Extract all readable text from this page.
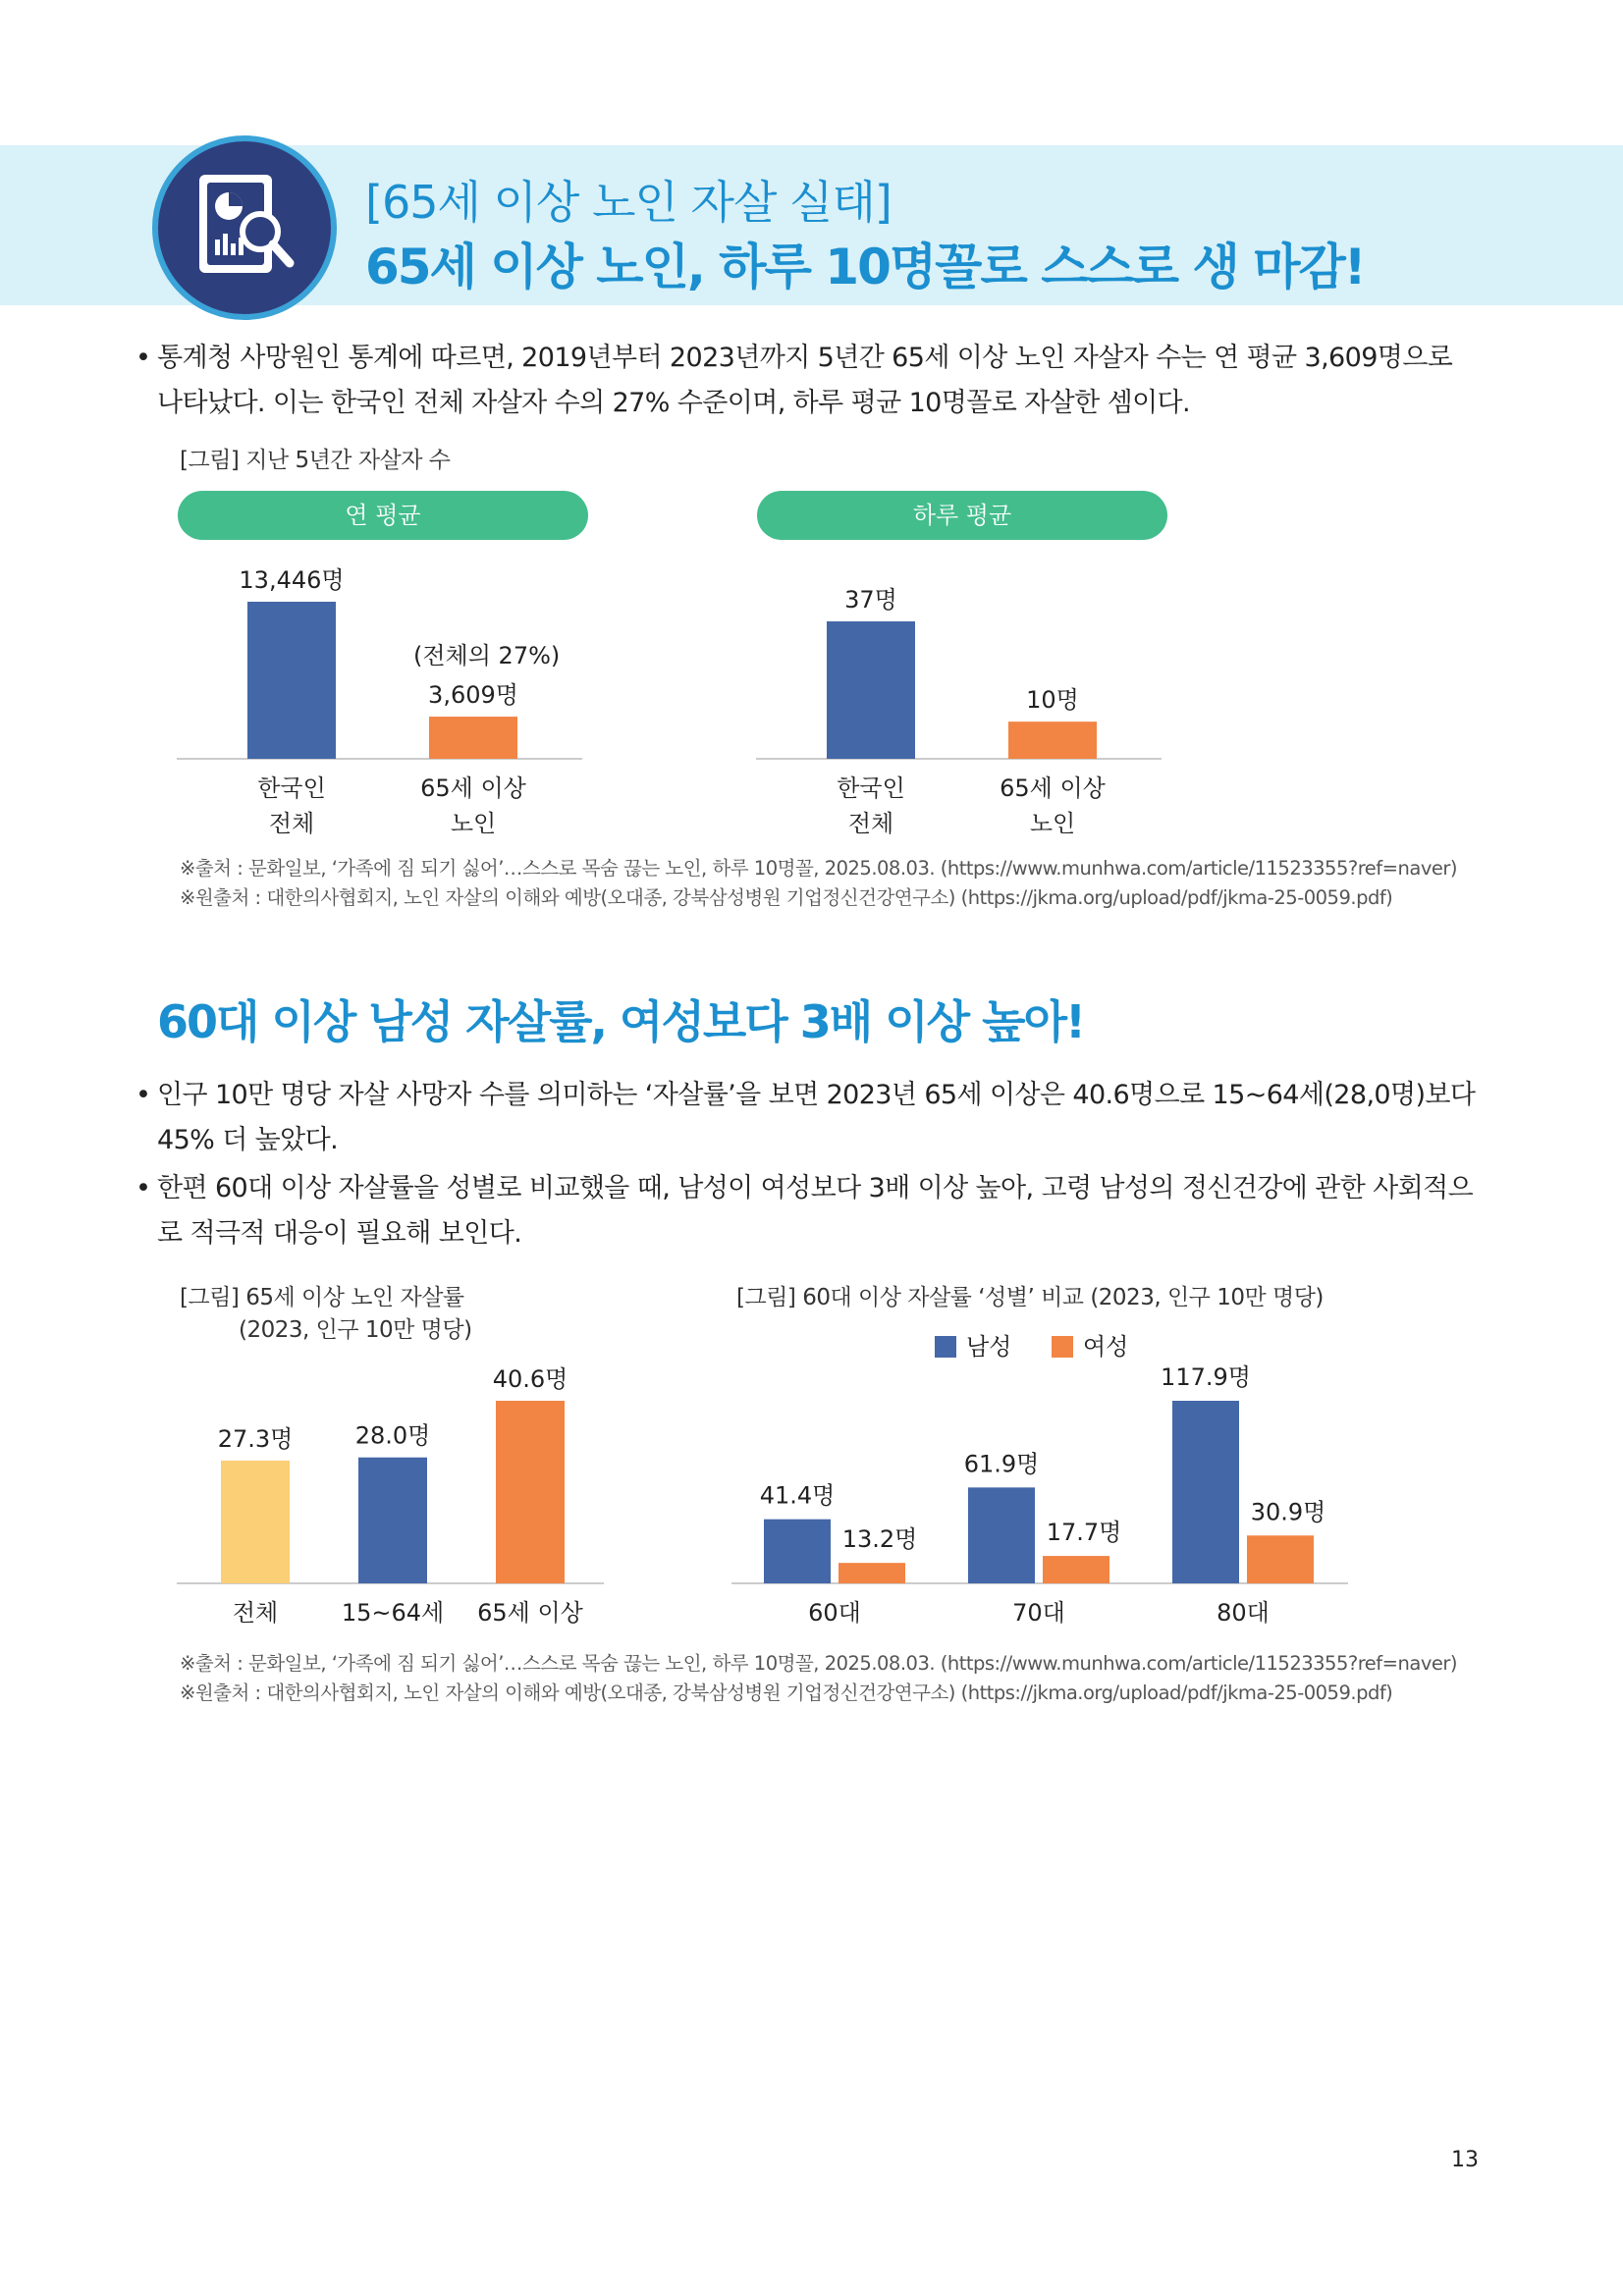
[65세 이상 노인 자살 실태]
65세 이상 노인, 하루 10명꼴로 스스로 생 마감!
• 통계청 사망원인 통계에 따르면, 2019년부터 2023년까지 5년간 65세 이상 노인 자살자 수는 연 평균 3,609명으로 나타났다. 이는 한국인 전체 자살자 수의 27% 수준이며, 하루 평균 10명꼴로 자살한 셈이다.
[그림] 지난 5년간 자살자 수
연 평균	하루 평균
13,446명
한국인
전체
3,609명
65세 이상
노인
37명
한국인
전체
10명
65세 이상
노인
(전체의 27%)
※출처 : 문화일보, ‘가족에 짐 되기 싫어’…스스로 목숨 끊는 노인, 하루 10명꼴, 2025.08.03. (https://www.munhwa.com/article/11523355?ref=naver)
※원출처 : 대한의사협회지, 노인 자살의 이해와 예방(오대종, 강북삼성병원 기업정신건강연구소) (https://jkma.org/upload/pdf/jkma-25-0059.pdf)
60대 이상 남성 자살률, 여성보다 3배 이상 높아!
• 인구 10만 명당 자살 사망자 수를 의미하는 ‘자살률’을 보면 2023년 65세 이상은 40.6명으로 15~64세(28,0명)보다 45% 더 높았다.
• 한편 60대 이상 자살률을 성별로 비교했을 때, 남성이 여성보다 3배 이상 높아, 고령 남성의 정신건강에 관한 사회적으로 적극적 대응이 필요해 보인다.
[그림] 65세 이상 노인 자살률
(2023, 인구 10만 명당)
[그림] 60대 이상 자살률 ‘성별’ 비교 (2023, 인구 10만 명당)
남성	여성
27.3명
전체
28.0명
15~64세
40.6명
65세 이상
41.4명
13.2명
60대
61.9명
17.7명
70대
117.9명
30.9명
80대
※출처 : 문화일보, ‘가족에 짐 되기 싫어’…스스로 목숨 끊는 노인, 하루 10명꼴, 2025.08.03. (https://www.munhwa.com/article/11523355?ref=naver)
※원출처 : 대한의사협회지, 노인 자살의 이해와 예방(오대종, 강북삼성병원 기업정신건강연구소) (https://jkma.org/upload/pdf/jkma-25-0059.pdf)
13
